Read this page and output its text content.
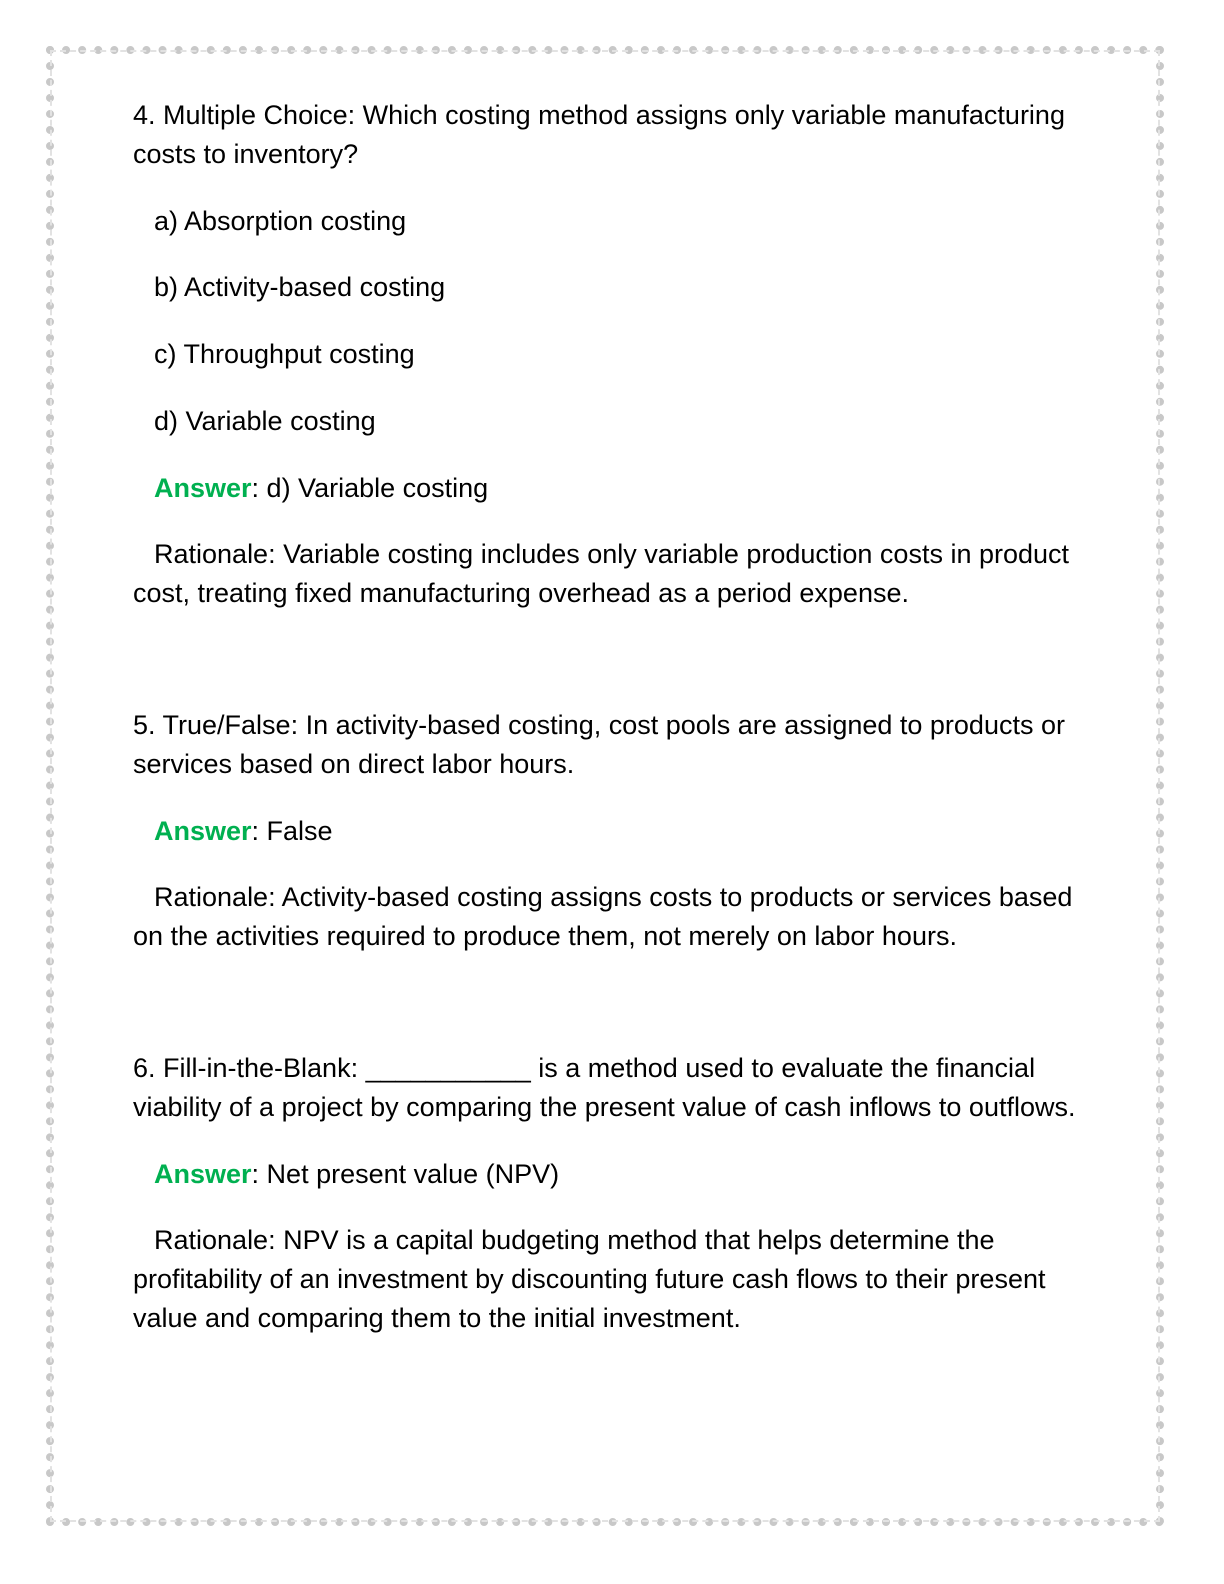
4. Multiple Choice: Which costing method assigns only variable manufacturing costs to inventory?

a) Absorption costing

b) Activity-based costing

c) Throughput costing

d) Variable costing

Answer: d) Variable costing

Rationale: Variable costing includes only variable production costs in product cost, treating fixed manufacturing overhead as a period expense.

5. True/False: In activity-based costing, cost pools are assigned to products or services based on direct labor hours.

Answer: False

Rationale: Activity-based costing assigns costs to products or services based on the activities required to produce them, not merely on labor hours.

6. Fill-in-the-Blank: ___________ is a method used to evaluate the financial viability of a project by comparing the present value of cash inflows to outflows.

Answer: Net present value (NPV)

Rationale: NPV is a capital budgeting method that helps determine the profitability of an investment by discounting future cash flows to their present value and comparing them to the initial investment.
